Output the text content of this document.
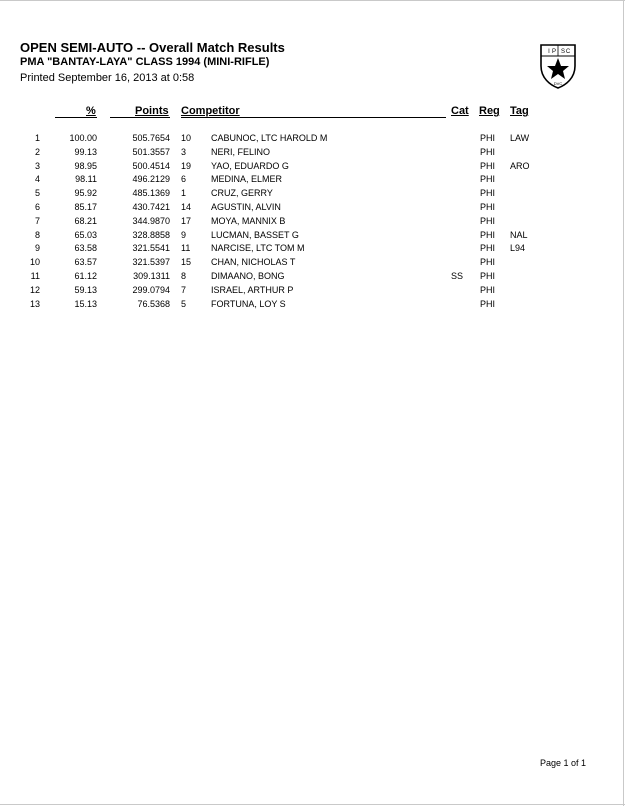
OPEN SEMI-AUTO -- Overall Match Results
PMA "BANTAY-LAYA" CLASS 1994 (MINI-RIFLE)
Printed September 16, 2013 at 0:58
I P S C
DVC
%	Points Competitor	Cat Reg Tag
1	100.00	505.7654 10 CABUNOC, LTC HAROLD M	PHI LAW
2	99.13	501.3557 3	NERI, FELINO	PHI
3	98.95	500.4514 19 YAO, EDUARDO G	PHI ARO
4	98.11	496.2129 6	MEDINA, ELMER	PHI
5	95.92	485.1369 1	CRUZ, GERRY	PHI
6	85.17	430.7421 14 AGUSTIN, ALVIN	PHI
7	68.21	344.9870 17 MOYA, MANNIX B	PHI
8	65.03	328.8858 9	LUCMAN, BASSET G	PHI NAL
9	63.58	321.5541 11 NARCISE, LTC TOM M	PHI L94
10	63.57	321.5397 15 CHAN, NICHOLAS T	PHI
11	61.12	309.1311 8	DIMAANO, BONG	SS PHI
12	59.13	299.0794 7	ISRAEL, ARTHUR P	PHI
13	15.13	76.5368 5	FORTUNA, LOY S	PHI
Page 1 of 1
